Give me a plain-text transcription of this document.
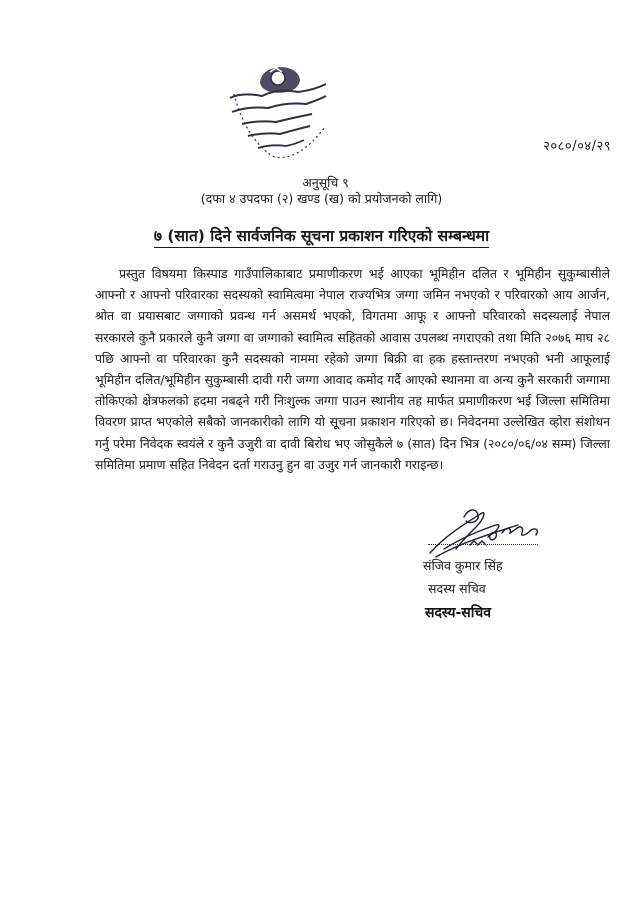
२०८०/०४/२९
अनुसूचि ९
(दफा ४ उपदफा (२) खण्ड (ख) को प्रयोजनको लागि)
७ (सात) दिने सार्वजनिक सूचना प्रकाशन गरिएको सम्बन्धमा

प्रस्तुत विषयमा किस्पाड गाउँपालिकाबाट प्रमाणीकरण भई आएका भूमिहीन दलित र भूमिहीन सुकुम्बासीले आफ्नो र आफ्नो परिवारका सदस्यको स्वामित्वमा नेपाल राज्यभित्र जग्गा जमिन नभएको र परिवारको आय आर्जन, श्रोत वा प्रयासबाट जग्गाको प्रवन्ध गर्न असमर्थ भएको, विगतमा आफू र आफ्नो परिवारको सदस्यलाई नेपाल सरकारले कुनै प्रकारले कुनै जग्गा वा जग्गाको स्वामित्व सहितको आवास उपलब्ध नगराएको तथा मिति २०७६ माघ २८ पछि आफ्नो वा परिवारका कुनै सदस्यको नाममा रहेको जग्गा बिक्री वा हक हस्तान्तरण नभएको भनी आफूलाई भूमिहीन दलित/भूमिहीन सुकुम्बासी दावी गरी जग्गा आवाद कमोद गर्दै आएको स्थानमा वा अन्य कुनै सरकारी जग्गामा तोकिएको क्षेत्रफलको हदमा नबढ्ने गरी निःशुल्क जग्गा पाउन स्थानीय तह मार्फत प्रमाणीकरण भई जिल्ला समितिमा विवरण प्राप्त भएकोले सबैको जानकारीको लागि यो सूचना प्रकाशन गरिएको छ। निवेदनमा उल्लेखित व्होरा संशोधन गर्नु परेमा निवेदक स्वयंले र कुनै उजुरी वा दावी बिरोध भए जोसुकैले ७ (सात) दिन भित्र (२०८०/०६/०४ सम्म) जिल्ला समितिमा प्रमाण सहित निवेदन दर्ता गराउनु हुन वा उजुर गर्न जानकारी गराइन्छ।

संजिव कुमार सिंह
सदस्य सचिव
सदस्य-सचिव
